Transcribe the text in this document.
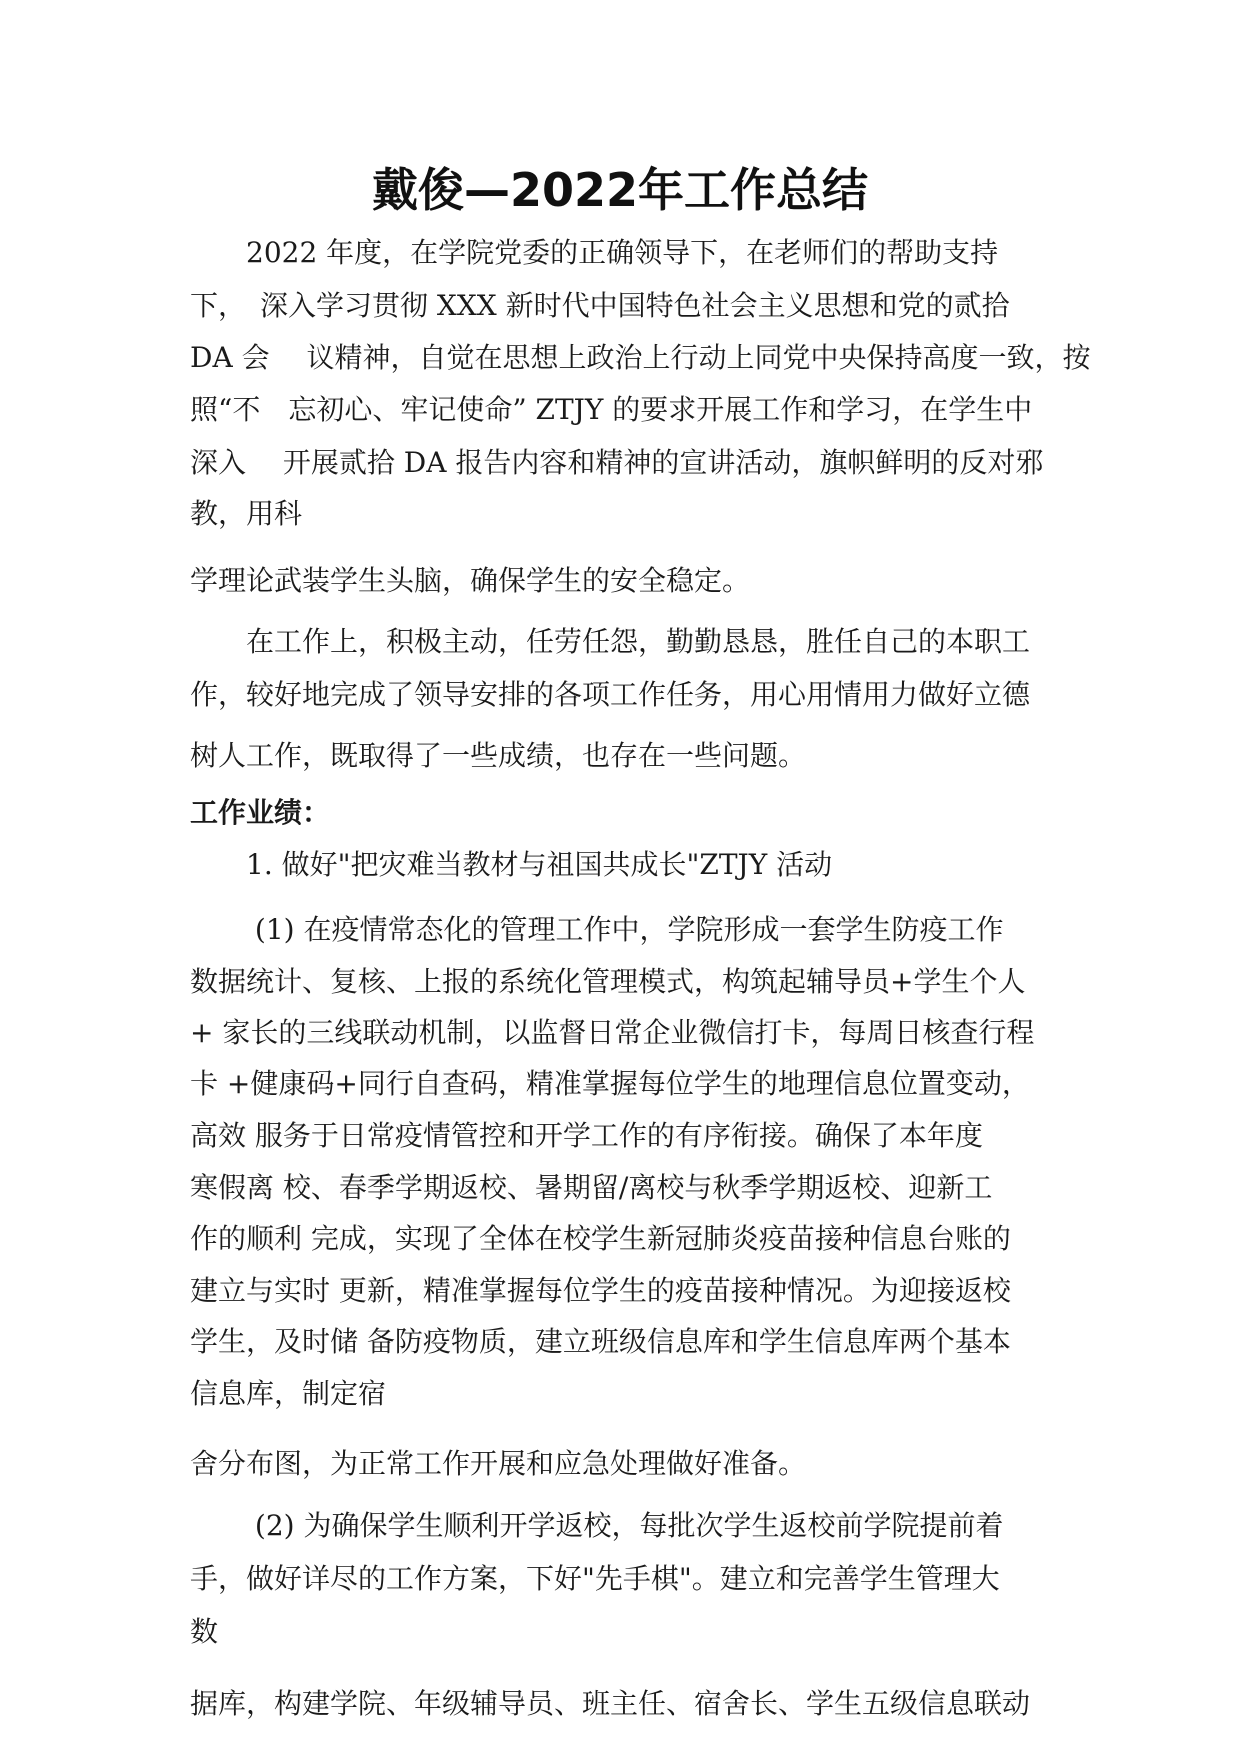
戴俊—2022年工作总结

　　2022 年度，在学院党委的正确领导下，在老师们的帮助支持

下，　深入学习贯彻 XXX 新时代中国特色社会主义思想和党的贰拾

DA 会　 议精神，自觉在思想上政治上行动上同党中央保持高度一致，按

照“不　忘初心、牢记使命” ZTJY 的要求开展工作和学习，在学生中

深入　 开展贰拾 DA 报告内容和精神的宣讲活动，旗帜鲜明的反对邪

教，用科

学理论武装学生头脑，确保学生的安全稳定。

　　在工作上，积极主动，任劳任怨，勤勤恳恳，胜任自己的本职工

作，较好地完成了领导安排的各项工作任务，用心用情用力做好立德

树人工作，既取得了一些成绩，也存在一些问题。

工作业绩：

　　1. 做好"把灾难当教材与祖国共成长"ZTJY 活动

　　 (1) 在疫情常态化的管理工作中，学院形成一套学生防疫工作

数据统计、复核、上报的系统化管理模式，构筑起辅导员+学生个人

+ 家长的三线联动机制，以监督日常企业微信打卡，每周日核查行程

卡 +健康码+同行自查码，精准掌握每位学生的地理信息位置变动，

高效 服务于日常疫情管控和开学工作的有序衔接。确保了本年度

寒假离 校、春季学期返校、暑期留/离校与秋季学期返校、迎新工

作的顺利 完成，实现了全体在校学生新冠肺炎疫苗接种信息台账的

建立与实时 更新，精准掌握每位学生的疫苗接种情况。为迎接返校

学生，及时储 备防疫物质，建立班级信息库和学生信息库两个基本

信息库，制定宿

舍分布图，为正常工作开展和应急处理做好准备。

　　 (2) 为确保学生顺利开学返校，每批次学生返校前学院提前着

手，做好详尽的工作方案，下好"先手棋"。建立和完善学生管理大

数

据库，构建学院、年级辅导员、班主任、宿舍长、学生五级信息联动
